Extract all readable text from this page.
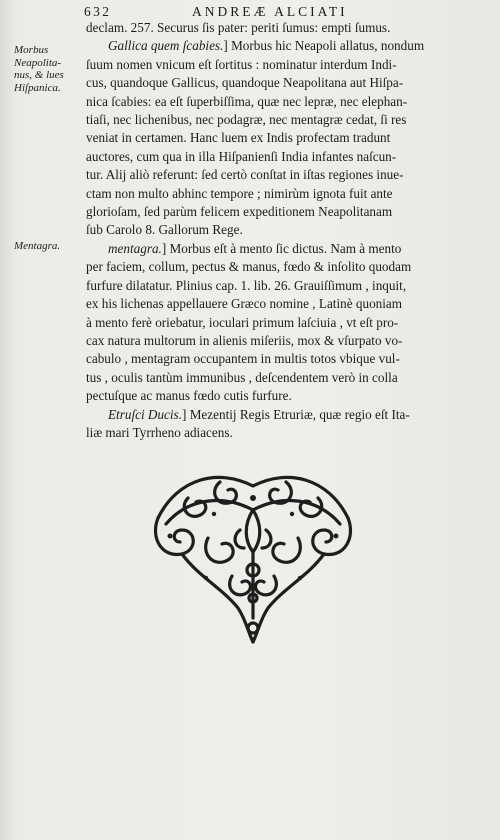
632	ANDREÆ ALCIATI
Morbus
Neapolita-
nus, & lues
Hiſpanica.
Mentagra.
declam. 257. Securus ſis pater: periti ſumus: empti ſumus.

Gallica quem ſcabies.] Morbus hic Neapoli allatus, nondum
ſuum nomen vnicum eſt ſortitus : nominatur interdum Indi-
cus, quandoque Gallicus, quandoque Neapolitana aut Hiſpa-
nica ſcabies: ea eſt ſuperbiſſima, quæ nec lepræ, nec elephan-
tiaſi, nec lichenibus, nec podagræ, nec mentagræ cedat, ſi res
veniat in certamen. Hanc luem ex Indis profectam tradunt
auctores, cum qua in illa Hiſpanienſi India infantes naſcun-
tur. Alij aliò referunt: ſed certò conſtat in iſtas regiones inue-
ctam non multo abhinc tempore ; nimirùm ignota fuit ante
glorioſam, ſed parùm felicem expeditionem Neapolitanam
ſub Carolo 8. Gallorum Rege.

mentagra.] Morbus eſt à mento ſic dictus. Nam à mento
per faciem, collum, pectus & manus, fœdo & inſolito quodam
furfure dilatatur. Plinius cap. 1. lib. 26. Grauiſſimum , inquit,
ex his lichenas appellauere Græco nomine , Latinè quoniam
à mento ferè oriebatur, ioculari primum laſciuia , vt eſt pro-
cax natura multorum in alienis miſeriis, mox & vſurpato vo-
cabulo , mentagram occupantem in multis totos vbique vul-
tus , oculis tantùm immunibus , deſcendentem verò in colla
pectuſque ac manus fœdo cutis furfure.

Etruſci Ducis.] Mezentij Regis Etruriæ, quæ regio eſt Ita-
liæ mari Tyrrheno adiacens.
